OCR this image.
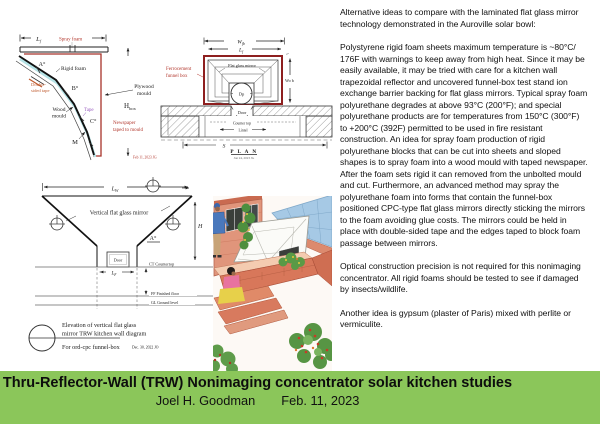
$L_f$	Spray foam
A°
Rigid foam
B°
Double-
sided tape
Wood
mould
Tape
C°
M
Plywood
mould
$H_{box}$
Newspaper
taped to mould
Feb 11, 2023 JG
$W_{fb}$
$L_f$
2"
Flat glass mirror
Dp
Wo b
Ferrocement
funnel box
Door
Counter top
Lintel
S
P L A N
Jan 24, 2023 JG
$L_W$
Vertical flat glass mirror
A°
H
Door
CT Countertop
$L_F$
FF Finished floor
GL Ground level
Elevation of vertical flat glass
mirror TRW kitchen wall diagram
For ord-cpc funnel-box	Dec. 30, 2022 JO

Alternative ideas to compare with the laminated flat glass mirror technology demonstrated in the Auroville solar bowl:

Polystyrene rigid foam sheets maximum temperature is ~80°C/ 176F with warnings to keep away from high heat. Since it may be easily available, it may be tried with care for a kitchen wall trapezoidal reflector and uncovered funnel-box test stand ion exchange barrier backing for flat glass mirrors. Typical spray foam polyurethane degrades at above 93°C (200°F); and special polyurethane products are for temperatures from 150°C (300°F) to +200°C (392F) permitted to be used in fire resistant construction. An idea for spray foam production of rigid polyurethane blocks that can be cut into sheets and sloped shapes is to spray foam into a wood mould with taped newspaper. After the foam sets rigid it can removed from the unbolted mould and cut. Furthermore, an advanced method may spray the polyurethane foam into forms that contain the funnel-box positioned CPC-type flat glass mirrors directly sticking the mirrors to the foam avoiding glue costs. The mirrors could be held in place with double-sided tape and the edges taped to block foam passage between mirrors.

Optical construction precision is not required for this nonimaging concentrator. All rigid foams should be tested to see if damaged by insects/wildlife.

Another idea is gypsum (plaster of Paris) mixed with perlite or vermiculite.

Thru-Reflector-Wall (TRW) Nonimaging concentrator solar kitchen studies
Joel H. Goodman Feb. 11, 2023
